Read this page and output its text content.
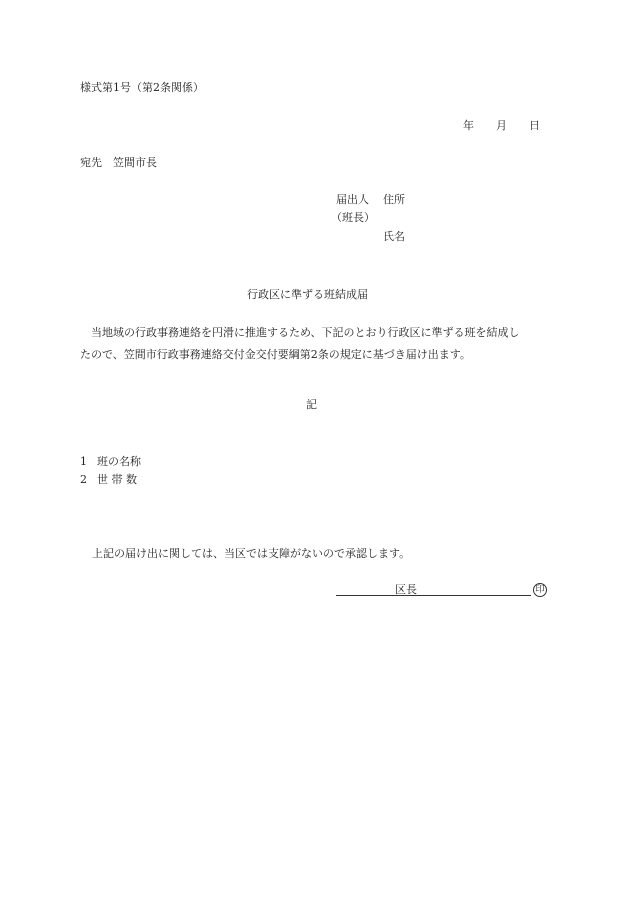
様式第1号（第2条関係）
年 月 日
宛先 笠間市長
届出人 住所
（班長）
氏名
行政区に準ずる班結成届

当地域の行政事務連絡を円滑に推進するため、下記のとおり行政区に準ずる班を結成し

たので、笠間市行政事務連絡交付金交付要綱第2条の規定に基づき届け出ます。

記
1 班の名称
2 世 帯 数
上記の届け出に関しては、当区では支障がないので承認します。
区長	印
